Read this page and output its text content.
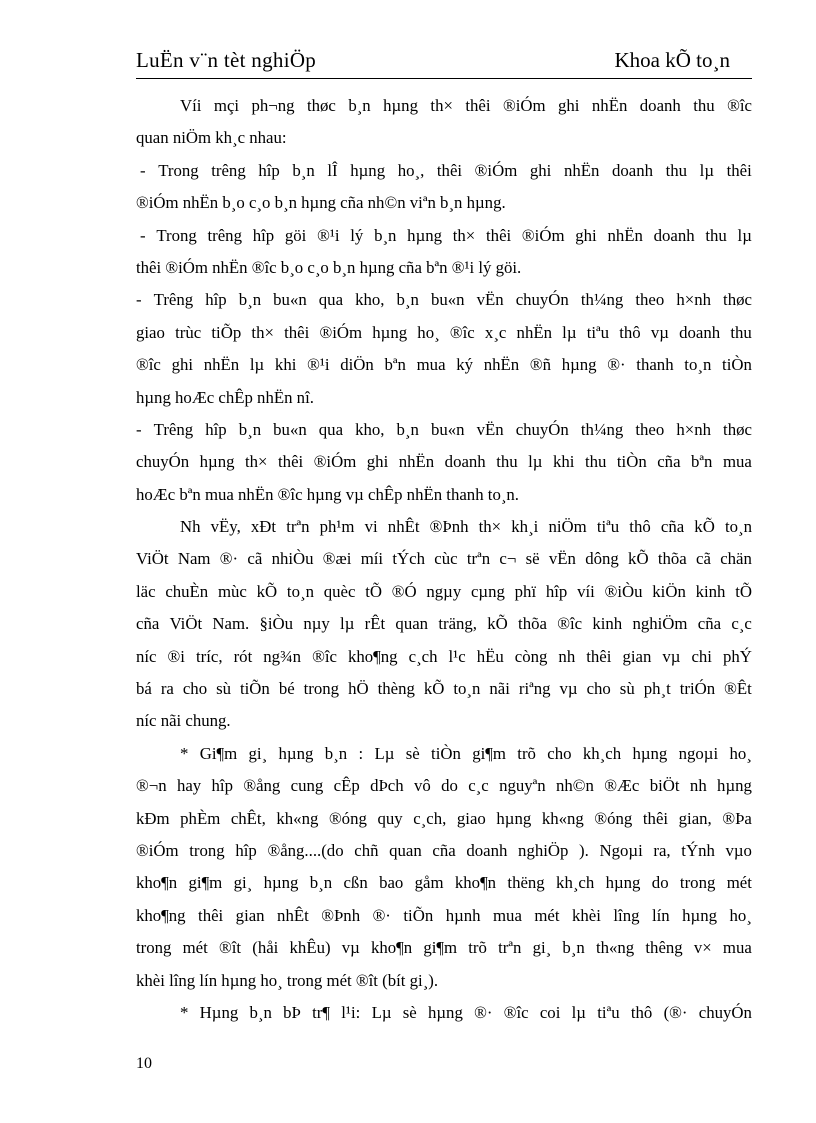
LuËn v¨n tèt nghiÖp	Khoa kÕ to¸n
Víi mçi ph¬ng thøc b¸n hµng th× thêi ®iÓm ghi nhËn doanh thu ®îc
quan niÖm kh¸c nhau:
- Trong trêng hîp b¸n lÎ hµng ho¸, thêi ®iÓm ghi nhËn doanh thu lµ thêi
®iÓm nhËn b¸o c¸o b¸n hµng cña nh©n viªn b¸n hµng.
- Trong trêng hîp göi ®¹i lý b¸n hµng th× thêi ®iÓm ghi nhËn doanh thu lµ
thêi ®iÓm nhËn ®îc b¸o c¸o b¸n hµng cña bªn ®¹i lý göi.
- Trêng hîp b¸n bu«n qua kho, b¸n bu«n vËn chuyÓn th¼ng theo h×nh thøc
giao trùc tiÕp th× thêi ®iÓm hµng ho¸ ®îc x¸c nhËn lµ tiªu thô vµ doanh thu
®îc ghi nhËn lµ khi ®¹i diÖn bªn mua ký nhËn ®ñ hµng ®· thanh to¸n tiÒn
hµng hoÆc chÊp nhËn nî.
- Trêng hîp b¸n bu«n qua kho, b¸n bu«n vËn chuyÓn th¼ng theo h×nh thøc
chuyÓn hµng th× thêi ®iÓm ghi nhËn doanh thu lµ khi thu tiÒn cña bªn mua
hoÆc bªn mua nhËn ®îc hµng vµ chÊp nhËn thanh to¸n.
Nh vËy, xÐt trªn ph¹m vi nhÊt ®Þnh th× kh¸i niÖm tiªu thô cña kÕ to¸n
ViÖt Nam ®· cã nhiÒu ®æi míi tÝch cùc trªn c¬ së vËn dông kÕ thõa cã chän
läc chuÈn mùc kÕ to¸n quèc tÕ ®Ó ngµy cµng phï hîp víi ®iÒu kiÖn kinh tÕ
cña ViÖt Nam. §iÒu nµy lµ rÊt quan träng, kÕ thõa ®îc kinh nghiÖm cña c¸c
níc ®i tríc, rót ng¾n ®îc kho¶ng c¸ch l¹c hËu còng nh thêi gian vµ chi phÝ
bá ra cho sù tiÕn bé trong hÖ thèng kÕ to¸n nãi riªng vµ cho sù ph¸t triÓn ®Êt
níc nãi chung.
* Gi¶m gi¸ hµng b¸n : Lµ sè tiÒn gi¶m trõ cho kh¸ch hµng ngoµi ho¸
®¬n hay hîp ®ång cung cÊp dÞch vô do c¸c nguyªn nh©n ®Æc biÖt nh hµng
kÐm phÈm chÊt, kh«ng ®óng quy c¸ch, giao hµng kh«ng ®óng thêi gian, ®Þa
®iÓm trong hîp ®ång....(do chñ quan cña doanh nghiÖp ). Ngoµi ra, tÝnh vµo
kho¶n gi¶m gi¸ hµng b¸n cßn bao gåm kho¶n thëng kh¸ch hµng do trong mét
kho¶ng thêi gian nhÊt ®Þnh ®· tiÕn hµnh mua mét khèi lîng lín hµng ho¸
trong mét ®ît (håi khÊu) vµ kho¶n gi¶m trõ trªn gi¸ b¸n th«ng thêng v× mua
khèi lîng lín hµng ho¸ trong mét ®ît (bít gi¸).
* Hµng b¸n bÞ tr¶ l¹i: Lµ sè hµng ®· ®îc coi lµ tiªu thô (®· chuyÓn
10
